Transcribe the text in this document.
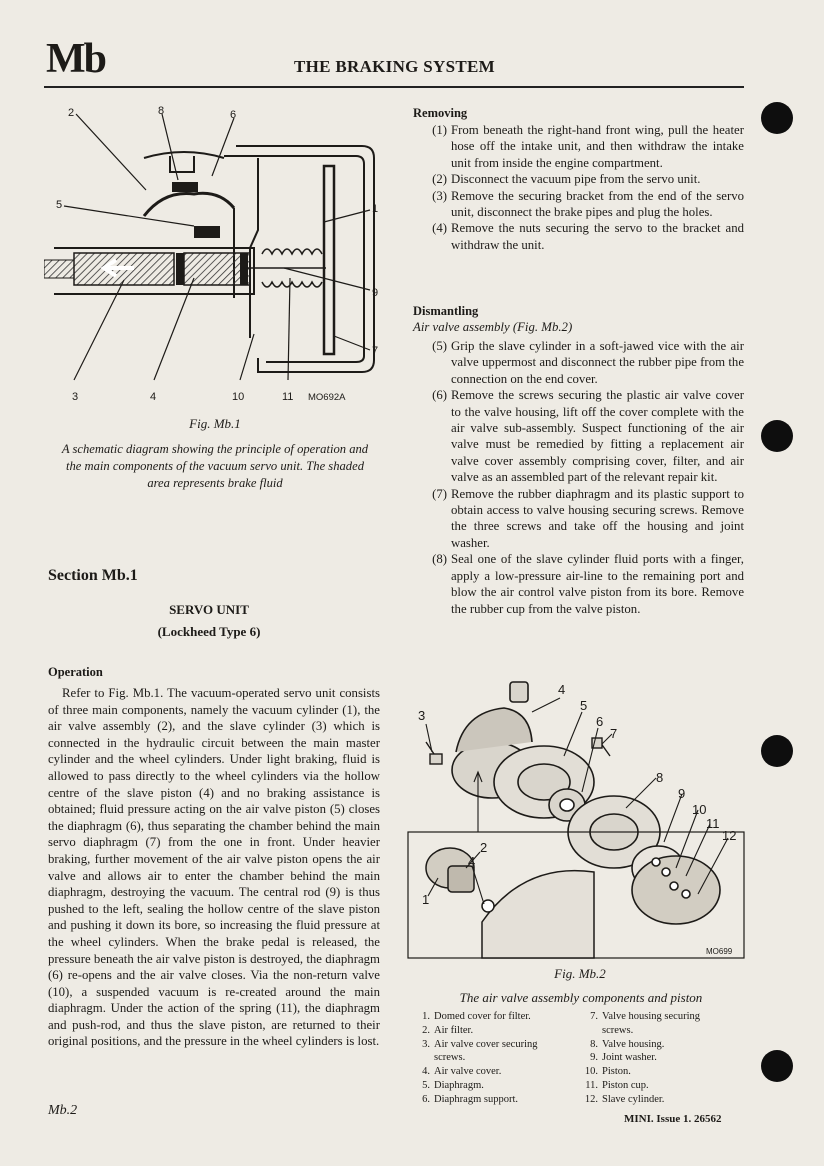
Mb	THE BRAKING SYSTEM
2	8	6
5	1
9
7
3	4	10	11 MO692A
Fig. Mb.1
A schematic diagram showing the principle of operation and the main components of the vacuum servo unit. The shaded area represents brake fluid
Section Mb.1
SERVO UNIT
(Lockheed Type 6)
Operation
Refer to Fig. Mb.1. The vacuum-operated servo unit consists of three main components, namely the vacuum cylinder (1), the air valve assembly (2), and the slave cylinder (3) which is connected in the hydraulic circuit between the main master cylinder and the wheel cylinders. Under light braking, fluid is allowed to pass directly to the wheel cylinders via the hollow centre of the slave piston (4) and no braking assistance is obtained; fluid pressure acting on the air valve piston (5) closes the diaphragm (6), thus separating the chamber behind the main servo diaphragm (7) from the one in front. Under heavier braking, further movement of the air valve piston opens the air valve and allows air to enter the chamber behind the main diaphragm, destroying the vacuum. The central rod (9) is thus pushed to the left, sealing the hollow centre of the slave piston and pushing it down its bore, so increasing the fluid pressure at the wheel cylinders. When the brake pedal is released, the pressure beneath the air valve piston is destroyed, the diaphragm (6) re-opens and the air valve closes. Via the non-return valve (10), a suspended vacuum is re-created around the main diaphragm. Under the action of the spring (11), the diaphragm and push-rod, and thus the slave piston, are returned to their original positions, and the pressure in the wheel cylinders is lost.
Mb.2
Removing
(1) From beneath the right-hand front wing, pull the heater hose off the intake unit, and then withdraw the intake unit from inside the engine compartment.
(2) Disconnect the vacuum pipe from the servo unit.
(3) Remove the securing bracket from the end of the servo unit, disconnect the brake pipes and plug the holes.
(4) Remove the nuts securing the servo to the bracket and withdraw the unit.
Dismantling
Air valve assembly (Fig. Mb.2)
(5) Grip the slave cylinder in a soft-jawed vice with the air valve uppermost and disconnect the rubber pipe from the connection on the end cover.
(6) Remove the screws securing the plastic air valve cover to the valve housing, lift off the cover complete with the air valve sub-assembly. Suspect functioning of the air valve must be remedied by fitting a replacement air valve cover assembly comprising cover, filter, and air valve as an assembled part of the relevant repair kit.
(7) Remove the rubber diaphragm and its plastic support to obtain access to valve housing securing screws. Remove the three screws and take off the housing and joint washer.
(8) Seal one of the slave cylinder fluid ports with a finger, apply a low-pressure air-line to the remaining port and blow the air control valve piston from its bore. Remove the rubber cup from the valve piston.
3
4
5
6
7
8
9
10
11
12
2
4
1
MO699
Fig. Mb.2
The air valve assembly components and piston
1. Domed cover for filter.
2. Air filter.
3. Air valve cover securing
screws.
4. Air valve cover.
5. Diaphragm.
6. Diaphragm support.
7. Valve housing securing
screws.
8. Valve housing.
9. Joint washer.
10. Piston.
11. Piston cup.
12. Slave cylinder.
MINI. Issue 1. 26562
